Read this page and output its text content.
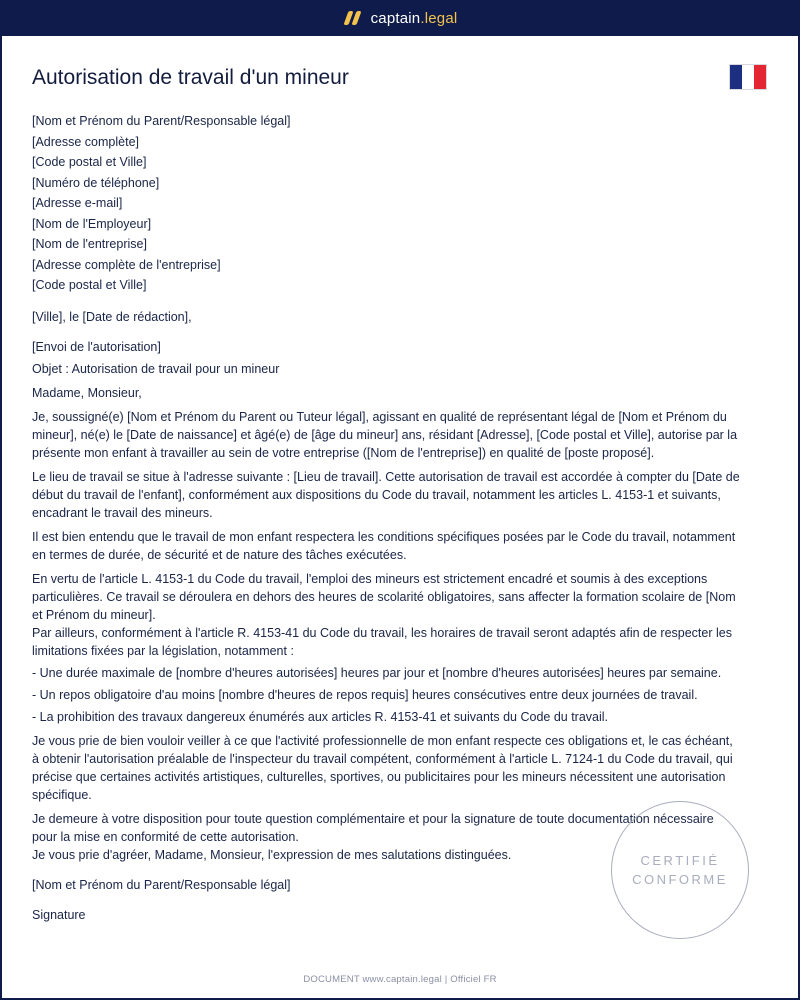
captain.legal
Autorisation de travail d'un mineur
[Nom et Prénom du Parent/Responsable légal]
[Adresse complète]
[Code postal et Ville]
[Numéro de téléphone]
[Adresse e-mail]
[Nom de l'Employeur]
[Nom de l'entreprise]
[Adresse complète de l'entreprise]
[Code postal et Ville]

[Ville], le [Date de rédaction],

[Envoi de l'autorisation]

Objet : Autorisation de travail pour un mineur

Madame, Monsieur,

Je, soussigné(e) [Nom et Prénom du Parent ou Tuteur légal], agissant en qualité de représentant légal de [Nom et Prénom du mineur], né(e) le [Date de naissance] et âgé(e) de [âge du mineur] ans, résidant [Adresse], [Code postal et Ville], autorise par la présente mon enfant à travailler au sein de votre entreprise ([Nom de l'entreprise]) en qualité de [poste proposé].

Le lieu de travail se situe à l'adresse suivante : [Lieu de travail]. Cette autorisation de travail est accordée à compter du [Date de début du travail de l'enfant], conformément aux dispositions du Code du travail, notamment les articles L. 4153-1 et suivants, encadrant le travail des mineurs.

Il est bien entendu que le travail de mon enfant respectera les conditions spécifiques posées par le Code du travail, notamment en termes de durée, de sécurité et de nature des tâches exécutées.

En vertu de l'article L. 4153-1 du Code du travail, l'emploi des mineurs est strictement encadré et soumis à des exceptions particulières. Ce travail se déroulera en dehors des heures de scolarité obligatoires, sans affecter la formation scolaire de [Nom et Prénom du mineur].

Par ailleurs, conformément à l'article R. 4153-41 du Code du travail, les horaires de travail seront adaptés afin de respecter les limitations fixées par la législation, notamment :

- Une durée maximale de [nombre d'heures autorisées] heures par jour et [nombre d'heures autorisées] heures par semaine.

- Un repos obligatoire d'au moins [nombre d'heures de repos requis] heures consécutives entre deux journées de travail.

- La prohibition des travaux dangereux énumérés aux articles R. 4153-41 et suivants du Code du travail.

Je vous prie de bien vouloir veiller à ce que l'activité professionnelle de mon enfant respecte ces obligations et, le cas échéant, à obtenir l'autorisation préalable de l'inspecteur du travail compétent, conformément à l'article L. 7124-1 du Code du travail, qui précise que certaines activités artistiques, culturelles, sportives, ou publicitaires pour les mineurs nécessitent une autorisation spécifique.

Je demeure à votre disposition pour toute question complémentaire et pour la signature de toute documentation nécessaire pour la mise en conformité de cette autorisation.

Je vous prie d'agréer, Madame, Monsieur, l'expression de mes salutations distinguées.

[Nom et Prénom du Parent/Responsable légal]

Signature

CERTIFIÉ
CONFORME
DOCUMENT www.captain.legal | Officiel FR
